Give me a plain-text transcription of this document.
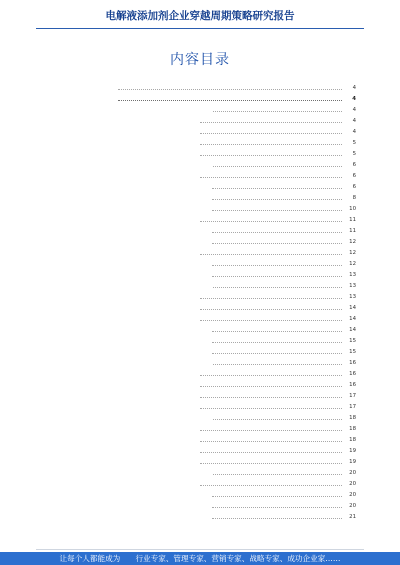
电解液添加剂企业穿越周期策略研究报告
内容目录
4
4
4
4
4
5
5
6
6
6
8
10
11
11
12
12
12
13
13
13
14
14
14
15
15
16
16
16
17
17
18
18
18
19
19
20
20
20
20
21
让每个人都能成为　　行业专家、管理专家、营销专家、战略专家、成功企业家……
